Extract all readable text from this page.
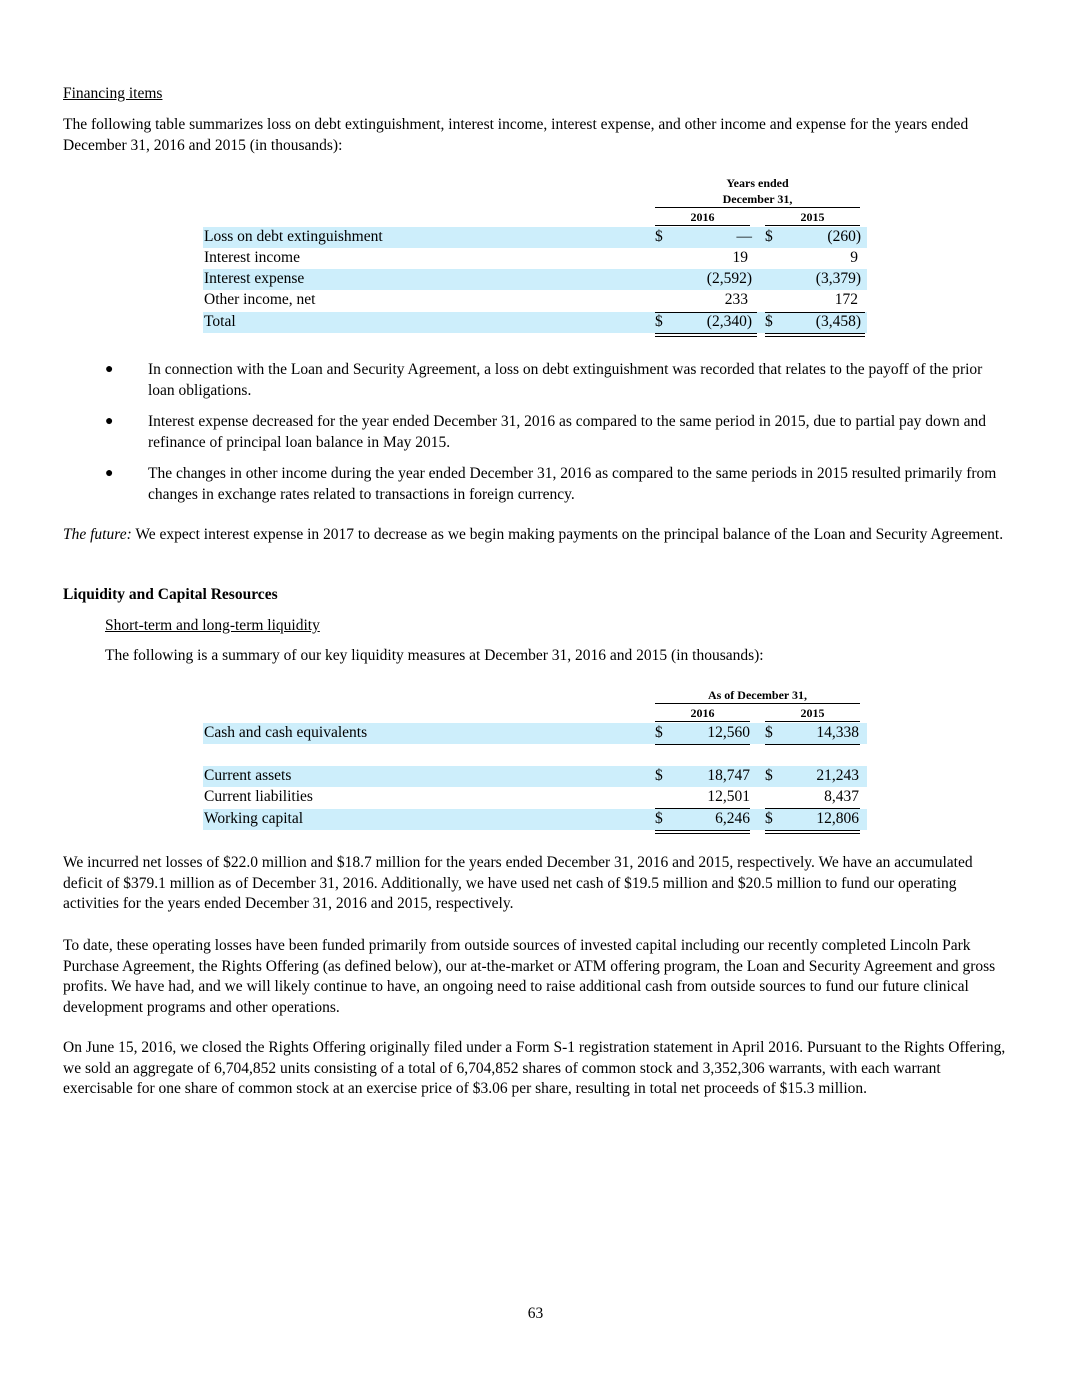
Financing items
The following table summarizes loss on debt extinguishment, interest income, interest expense, and other income and expense for the years ended December 31, 2016 and 2015 (in thousands):
Years ended
December 31,
2016	2015
Loss on debt extinguishment	$	— $	(260)
Interest income	19	9
Interest expense	(2,592)	(3,379)
Other income, net	233	172
Total	$	(2,340) $	(3,458)
● In connection with the Loan and Security Agreement, a loss on debt extinguishment was recorded that relates to the payoff of the prior loan obligations.
● Interest expense decreased for the year ended December 31, 2016 as compared to the same period in 2015, due to partial pay down and refinance of principal loan balance in May 2015.
● The changes in other income during the year ended December 31, 2016 as compared to the same periods in 2015 resulted primarily from changes in exchange rates related to transactions in foreign currency.
The future: We expect interest expense in 2017 to decrease as we begin making payments on the principal balance of the Loan and Security Agreement.
Liquidity and Capital Resources
Short-term and long-term liquidity
The following is a summary of our key liquidity measures at December 31, 2016 and 2015 (in thousands):
As of December 31,
2016	2015
Cash and cash equivalents	$	12,560 $	14,338
Current assets	$	18,747 $	21,243
Current liabilities	12,501	8,437
Working capital	$	6,246 $	12,806
We incurred net losses of $22.0 million and $18.7 million for the years ended December 31, 2016 and 2015, respectively. We have an accumulated deficit of $379.1 million as of December 31, 2016. Additionally, we have used net cash of $19.5 million and $20.5 million to fund our operating activities for the years ended December 31, 2016 and 2015, respectively.
To date, these operating losses have been funded primarily from outside sources of invested capital including our recently completed Lincoln Park Purchase Agreement, the Rights Offering (as defined below), our at-the-market or ATM offering program, the Loan and Security Agreement and gross profits. We have had, and we will likely continue to have, an ongoing need to raise additional cash from outside sources to fund our future clinical development programs and other operations.
On June 15, 2016, we closed the Rights Offering originally filed under a Form S-1 registration statement in April 2016. Pursuant to the Rights Offering, we sold an aggregate of 6,704,852 units consisting of a total of 6,704,852 shares of common stock and 3,352,306 warrants, with each warrant exercisable for one share of common stock at an exercise price of $3.06 per share, resulting in total net proceeds of $15.3 million.
63
